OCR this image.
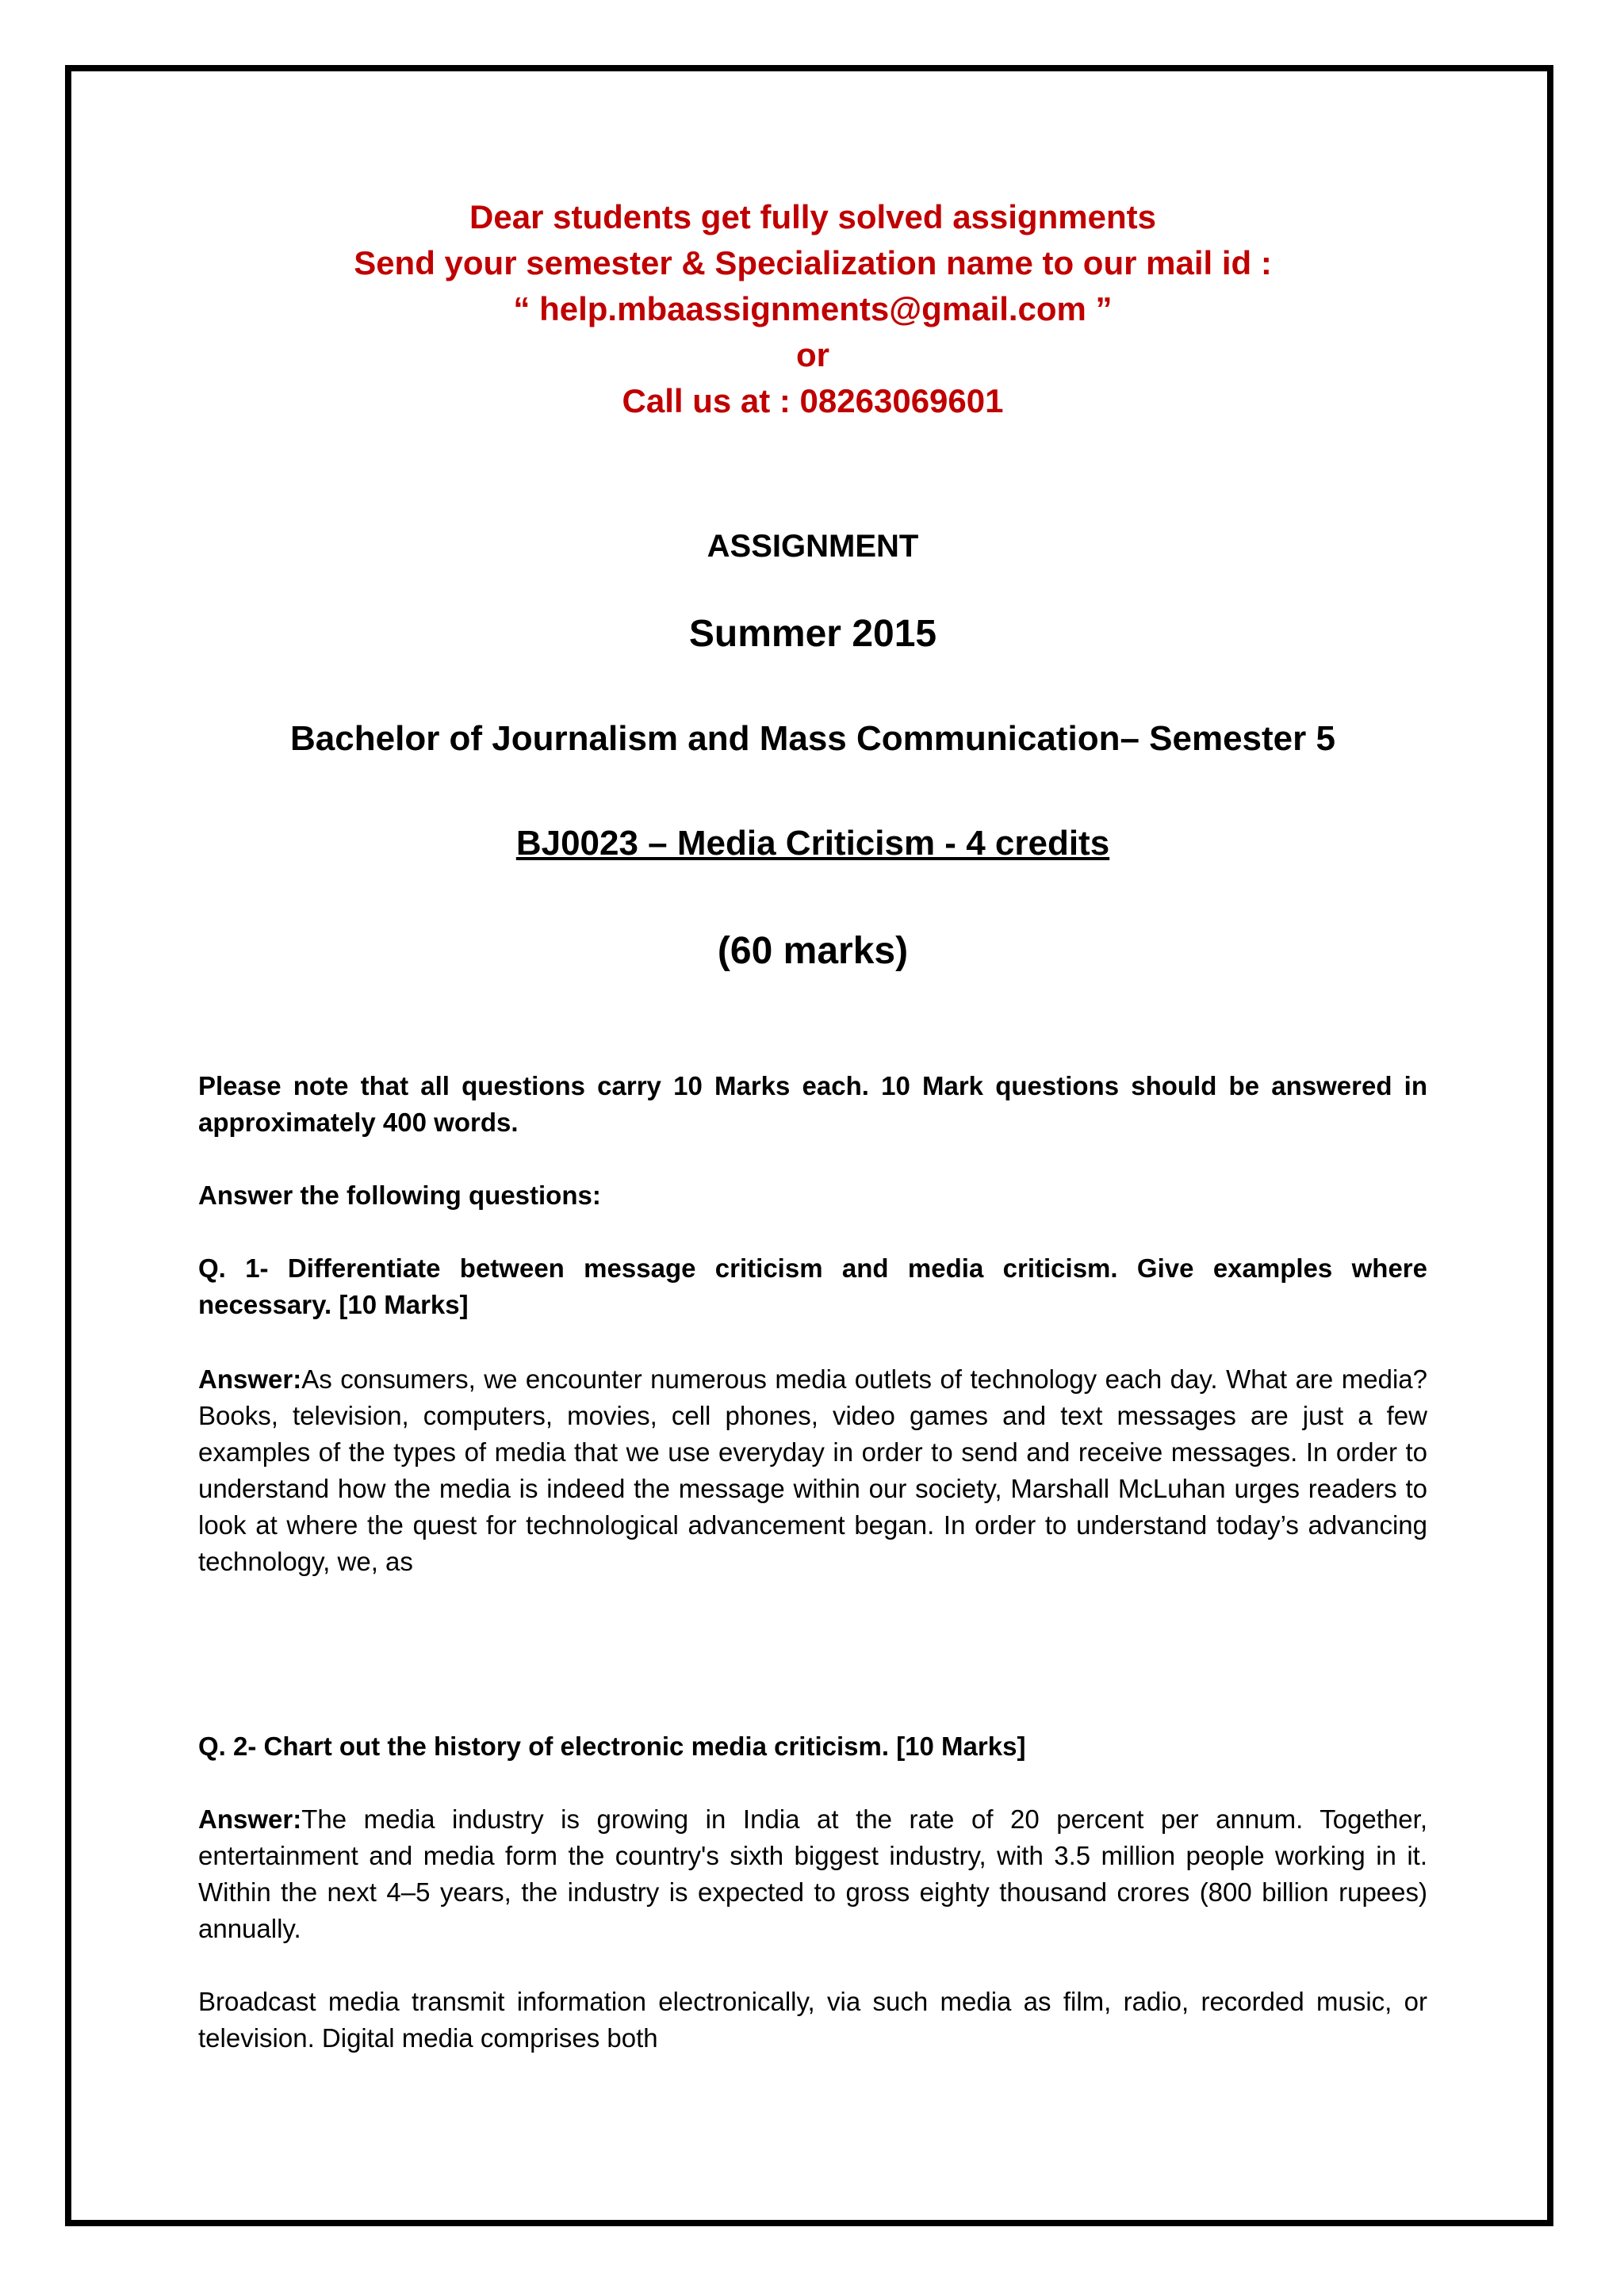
Dear students get fully solved assignments
Send your semester & Specialization name to our mail id :
“ help.mbaassignments@gmail.com ”
or
Call us at : 08263069601
ASSIGNMENT
Summer 2015
Bachelor of Journalism and Mass Communication– Semester 5
BJ0023 – Media Criticism - 4 credits
(60 marks)
Please note that all questions carry 10 Marks each. 10 Mark questions should be answered in approximately 400 words.
Answer the following questions:
Q. 1- Differentiate between message criticism and media criticism. Give examples where necessary. [10 Marks]
Answer:As consumers, we encounter numerous media outlets of technology each day. What are media? Books, television, computers, movies, cell phones, video games and text messages are just a few examples of the types of media that we use everyday in order to send and receive messages. In order to understand how the media is indeed the message within our society, Marshall McLuhan urges readers to look at where the quest for technological advancement began. In order to understand today’s advancing technology, we, as
Q. 2- Chart out the history of electronic media criticism. [10 Marks]
Answer:The media industry is growing in India at the rate of 20 percent per annum. Together, entertainment and media form the country's sixth biggest industry, with 3.5 million people working in it. Within the next 4–5 years, the industry is expected to gross eighty thousand crores (800 billion rupees) annually.
Broadcast media transmit information electronically, via such media as film, radio, recorded music, or television. Digital media comprises both
